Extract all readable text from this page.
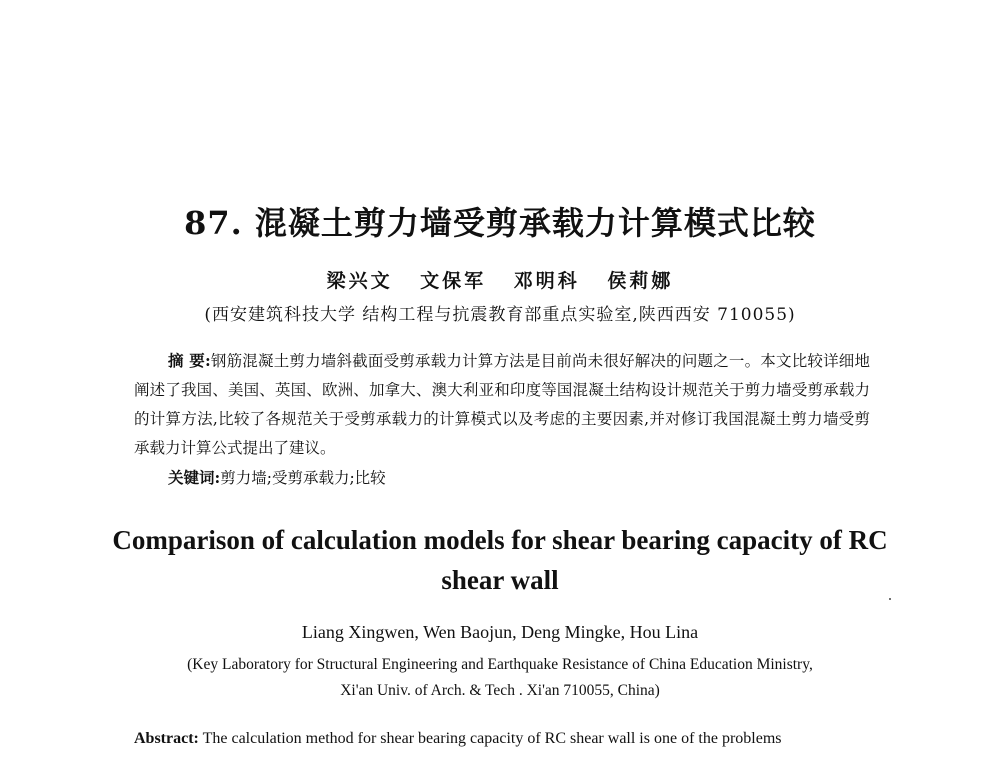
87. 混凝土剪力墙受剪承载力计算模式比较
梁兴文 文保军 邓明科 侯莉娜
(西安建筑科技大学 结构工程与抗震教育部重点实验室,陕西西安 710055)
摘 要:钢筋混凝土剪力墙斜截面受剪承载力计算方法是目前尚未很好解决的问题之一。本文比较详细地阐述了我国、美国、英国、欧洲、加拿大、澳大利亚和印度等国混凝土结构设计规范关于剪力墙受剪承载力的计算方法,比较了各规范关于受剪承载力的计算模式以及考虑的主要因素,并对修订我国混凝土剪力墙受剪承载力计算公式提出了建议。
关键词:剪力墙;受剪承载力;比较
Comparison of calculation models for shear bearing capacity of RC shear wall
Liang Xingwen, Wen Baojun, Deng Mingke, Hou Lina
(Key Laboratory for Structural Engineering and Earthquake Resistance of China Education Ministry,
Xi'an Univ. of Arch. & Tech . Xi'an 710055, China)
Abstract: The calculation method for shear bearing capacity of RC shear wall is one of the problems
